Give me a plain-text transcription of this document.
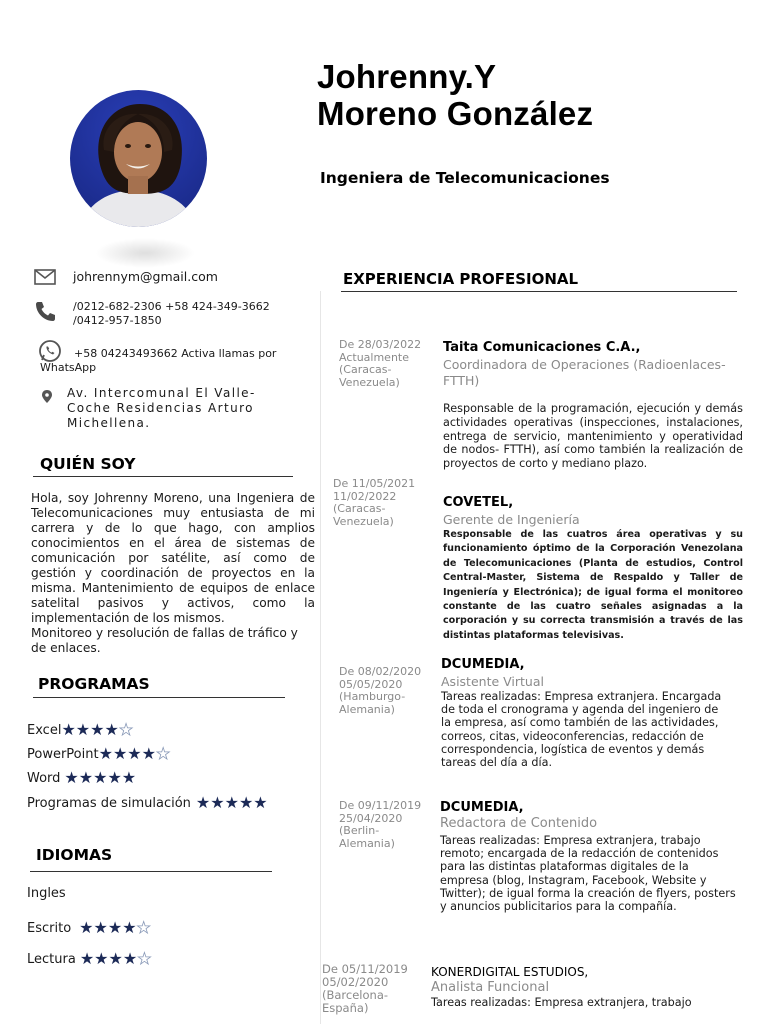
Johrenny.Y
Moreno González
Ingeniera de Telecomunicaciones
johrennym@gmail.com
/0212-682-2306 +58 424-349-3662
/0412-957-1850
+58 04243493662 Activa llamas por
WhatsApp
Av. Intercomunal El Valle-
Coche Residencias Arturo
Michellena.
QUIÉN SOY

Hola, soy Johrenny Moreno, una Ingeniera de Telecomunicaciones muy entusiasta de mi carrera y de lo que hago, con amplios conocimientos en el área de sistemas de comunicación por satélite, así como de gestión y coordinación de proyectos en la misma. Mantenimiento de equipos de enlace satelital pasivos y activos, como la implementación de los mismos.

Monitoreo y resolución de fallas de tráfico y de enlaces.

PROGRAMAS
Excel ★ ★ ★ ★ ★
PowerPoint ★ ★ ★ ★ ★
Word ★ ★ ★ ★ ★
Programas de simulación ★ ★ ★ ★ ★
IDIOMAS
Ingles
Escrito ★ ★ ★ ★ ★
Lectura ★ ★ ★ ★ ★
EXPERIENCIA PROFESIONAL
De 28/03/2022
Actualmente
(Caracas-
Venezuela)
Taita Comunicaciones C.A.,
Coordinadora de Operaciones (Radioenlaces-
FTTH)
Responsable de la programación, ejecución y demás actividades operativas (inspecciones, instalaciones, entrega de servicio, mantenimiento y operatividad de nodos- FTTH), así como también la realización de proyectos de corto y mediano plazo.
De 11/05/2021
11/02/2022
(Caracas-
Venezuela)
COVETEL,
Gerente de Ingeniería
Responsable de las cuatros área operativas y su funcionamiento óptimo de la Corporación Venezolana de Telecomunicaciones (Planta de estudios, Control Central-Master, Sistema de Respaldo y Taller de Ingeniería y Electrónica); de igual forma el monitoreo constante de las cuatro señales asignadas a la corporación y su correcta transmisión a través de las distintas plataformas televisivas.
De 08/02/2020
05/05/2020
(Hamburgo-
Alemania)
DCUMEDIA,
Asistente Virtual
Tareas realizadas: Empresa extranjera. Encargada
de toda el cronograma y agenda del ingeniero de
la empresa, así como también de las actividades,
correos, citas, videoconferencias, redacción de
correspondencia, logística de eventos y demás
tareas del día a día.
De 09/11/2019
25/04/2020
(Berlin-
Alemania)
DCUMEDIA,
Redactora de Contenido
Tareas realizadas: Empresa extranjera, trabajo
remoto; encargada de la redacción de contenidos
para las distintas plataformas digitales de la
empresa (blog, Instagram, Facebook, Website y
Twitter); de igual forma la creación de flyers, posters
y anuncios publicitarios para la compañía.
De 05/11/2019
05/02/2020
(Barcelona-
España)
KONERDIGITAL ESTUDIOS,
Analista Funcional
Tareas realizadas: Empresa extranjera, trabajo
